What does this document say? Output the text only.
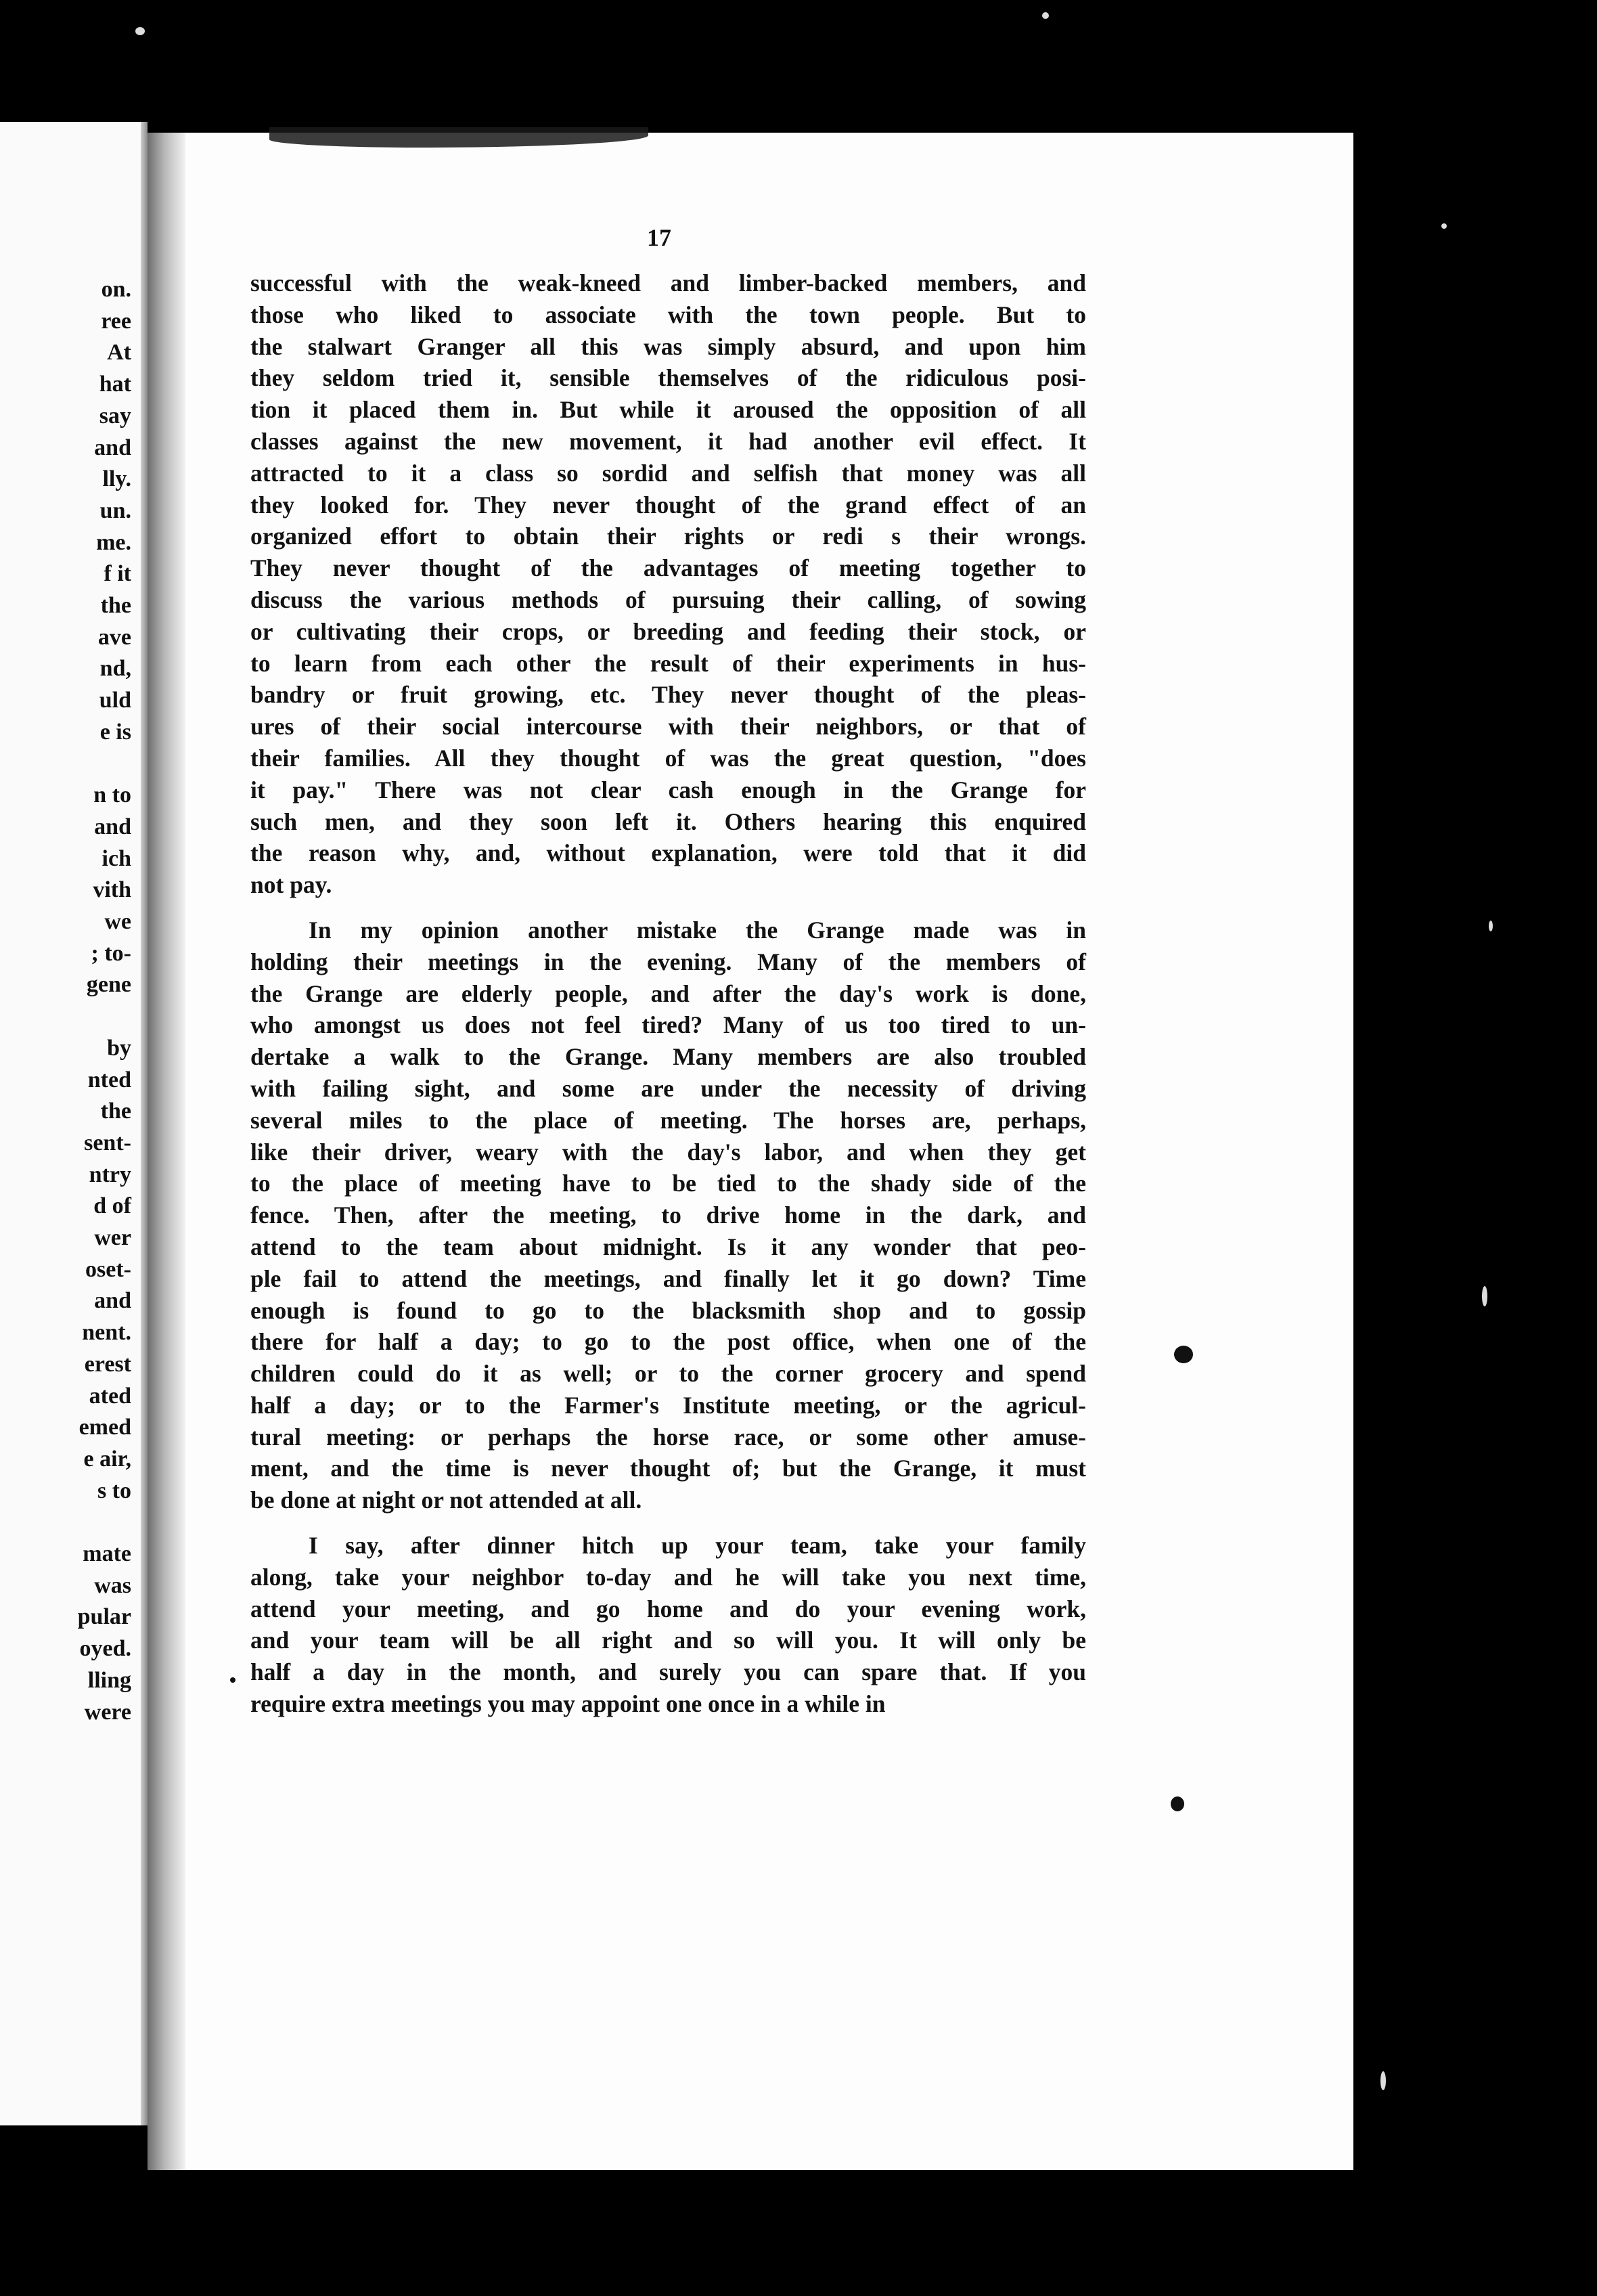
on.
ree
At
hat
say
and
lly.
un.
me.
f it
the
ave
nd,
uld
e is
n to
and
ich
vith
we
; to-
gene
by
nted
the
sent-
ntry
d of
wer
oset-
and
nent.
erest
ated
emed
e air,
s to
mate
was
pular
oyed.
lling
were
17
successful with the weak-kneed and limber-backed members, and
those who liked to associate with the town people. But to
the stalwart Granger all this was simply absurd, and upon him
they seldom tried it, sensible themselves of the ridiculous posi-
tion it placed them in. But while it aroused the opposition of all
classes against the new movement, it had another evil effect. It
attracted to it a class so sordid and selfish that money was all
they looked for. They never thought of the grand effect of an
organized effort to obtain their rights or redi s their wrongs.
They never thought of the advantages of meeting together to
discuss the various methods of pursuing their calling, of sowing
or cultivating their crops, or breeding and feeding their stock, or
to learn from each other the result of their experiments in hus-
bandry or fruit growing, etc. They never thought of the pleas-
ures of their social intercourse with their neighbors, or that of
their families. All they thought of was the great question, "does
it pay." There was not clear cash enough in the Grange for
such men, and they soon left it. Others hearing this enquired
the reason why, and, without explanation, were told that it did
not pay.
In my opinion another mistake the Grange made was in
holding their meetings in the evening. Many of the members of
the Grange are elderly people, and after the day's work is done,
who amongst us does not feel tired? Many of us too tired to un-
dertake a walk to the Grange. Many members are also troubled
with failing sight, and some are under the necessity of driving
several miles to the place of meeting. The horses are, perhaps,
like their driver, weary with the day's labor, and when they get
to the place of meeting have to be tied to the shady side of the
fence. Then, after the meeting, to drive home in the dark, and
attend to the team about midnight. Is it any wonder that peo-
ple fail to attend the meetings, and finally let it go down? Time
enough is found to go to the blacksmith shop and to gossip
there for half a day; to go to the post office, when one of the
children could do it as well; or to the corner grocery and spend
half a day; or to the Farmer's Institute meeting, or the agricul-
tural meeting: or perhaps the horse race, or some other amuse-
ment, and the time is never thought of; but the Grange, it must
be done at night or not attended at all.
I say, after dinner hitch up your team, take your family
along, take your neighbor to-day and he will take you next time,
attend your meeting, and go home and do your evening work,
and your team will be all right and so will you. It will only be
half a day in the month, and surely you can spare that. If you
require extra meetings you may appoint one once in a while in
